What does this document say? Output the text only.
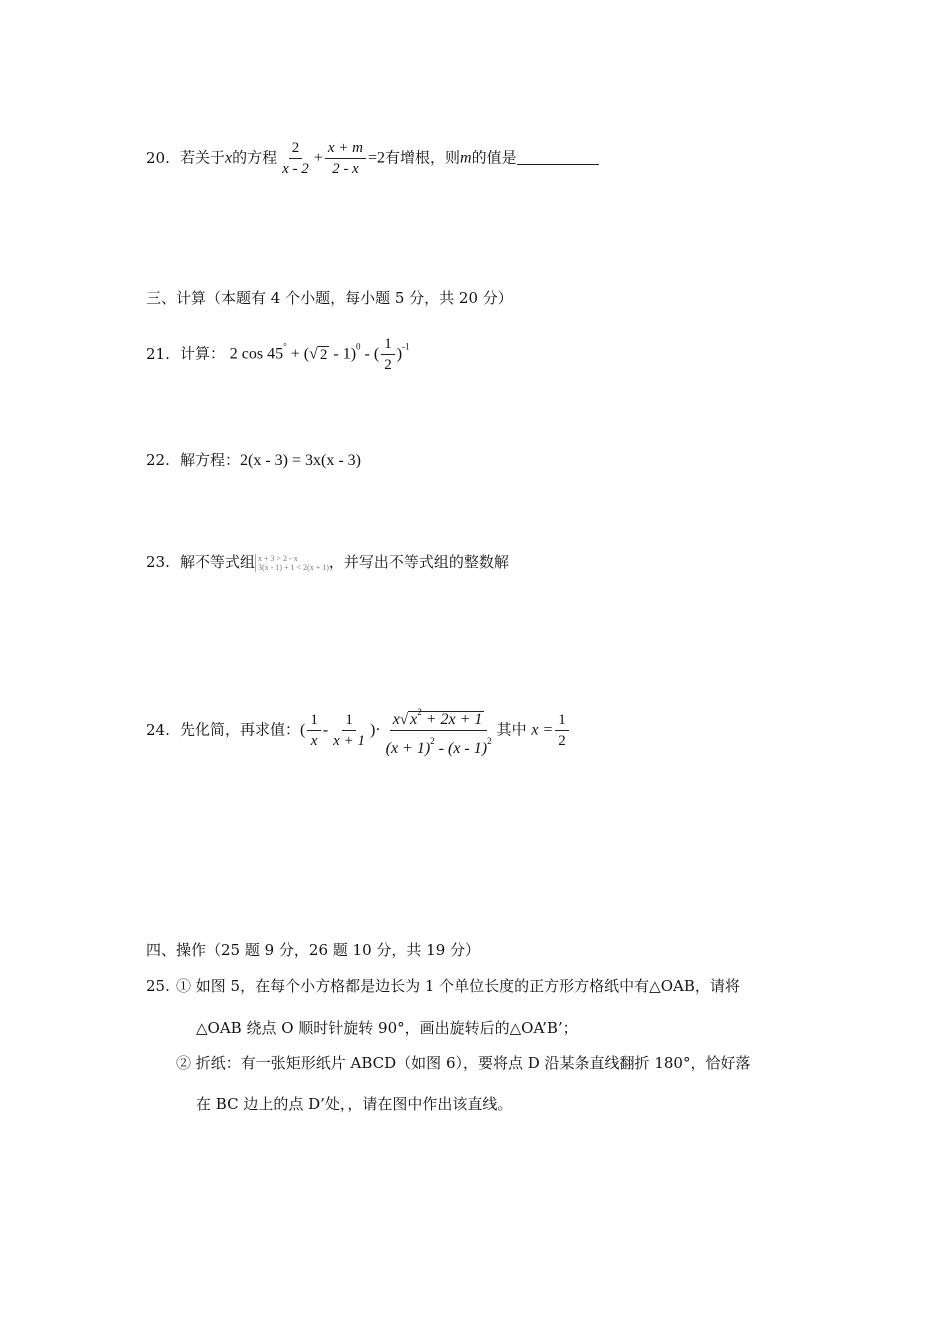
20. 若关于x的方程 $\frac{2}{x - 2} + \frac{x + m}{2 - x} =2$有增根，则m的值是
三、计算（本题有 4 个小题，每小题 5 分，共 20 分）
21. 计算： 2 cos 45° + (√ 2 - 1)$^0$ - ( $\frac{1}{2} )^{-1}$
22. 解方程：2(x - 3) = 3x(x - 3)
23. 解不等式组 x + 3 > 2 - x
3(x - 1) + 1 < 2(x + 1) ，并写出不等式组的整数解
24. 先化简，再求值：( $\frac{1}{x} - \frac{1}{x + 1}$ )· $\frac{x√ x^2 + 2x + 1}{(x + 1)^2 - (x - 1)^2}$ 其中 $x = \frac{1}{2}$
四、操作（25 题 9 分，26 题 10 分，共 19 分）
25. ① 如图 5，在每个小方格都是边长为 1 个单位长度的正方形方格纸中有△OAB，请将
△OAB 绕点 O 顺时针旋转 90°，画出旋转后的△OA’B’；
② 折纸：有一张矩形纸片 ABCD（如图 6），要将点 D 沿某条直线翻折 180°，恰好落
在 BC 边上的点 D’处，，请在图中作出该直线。
